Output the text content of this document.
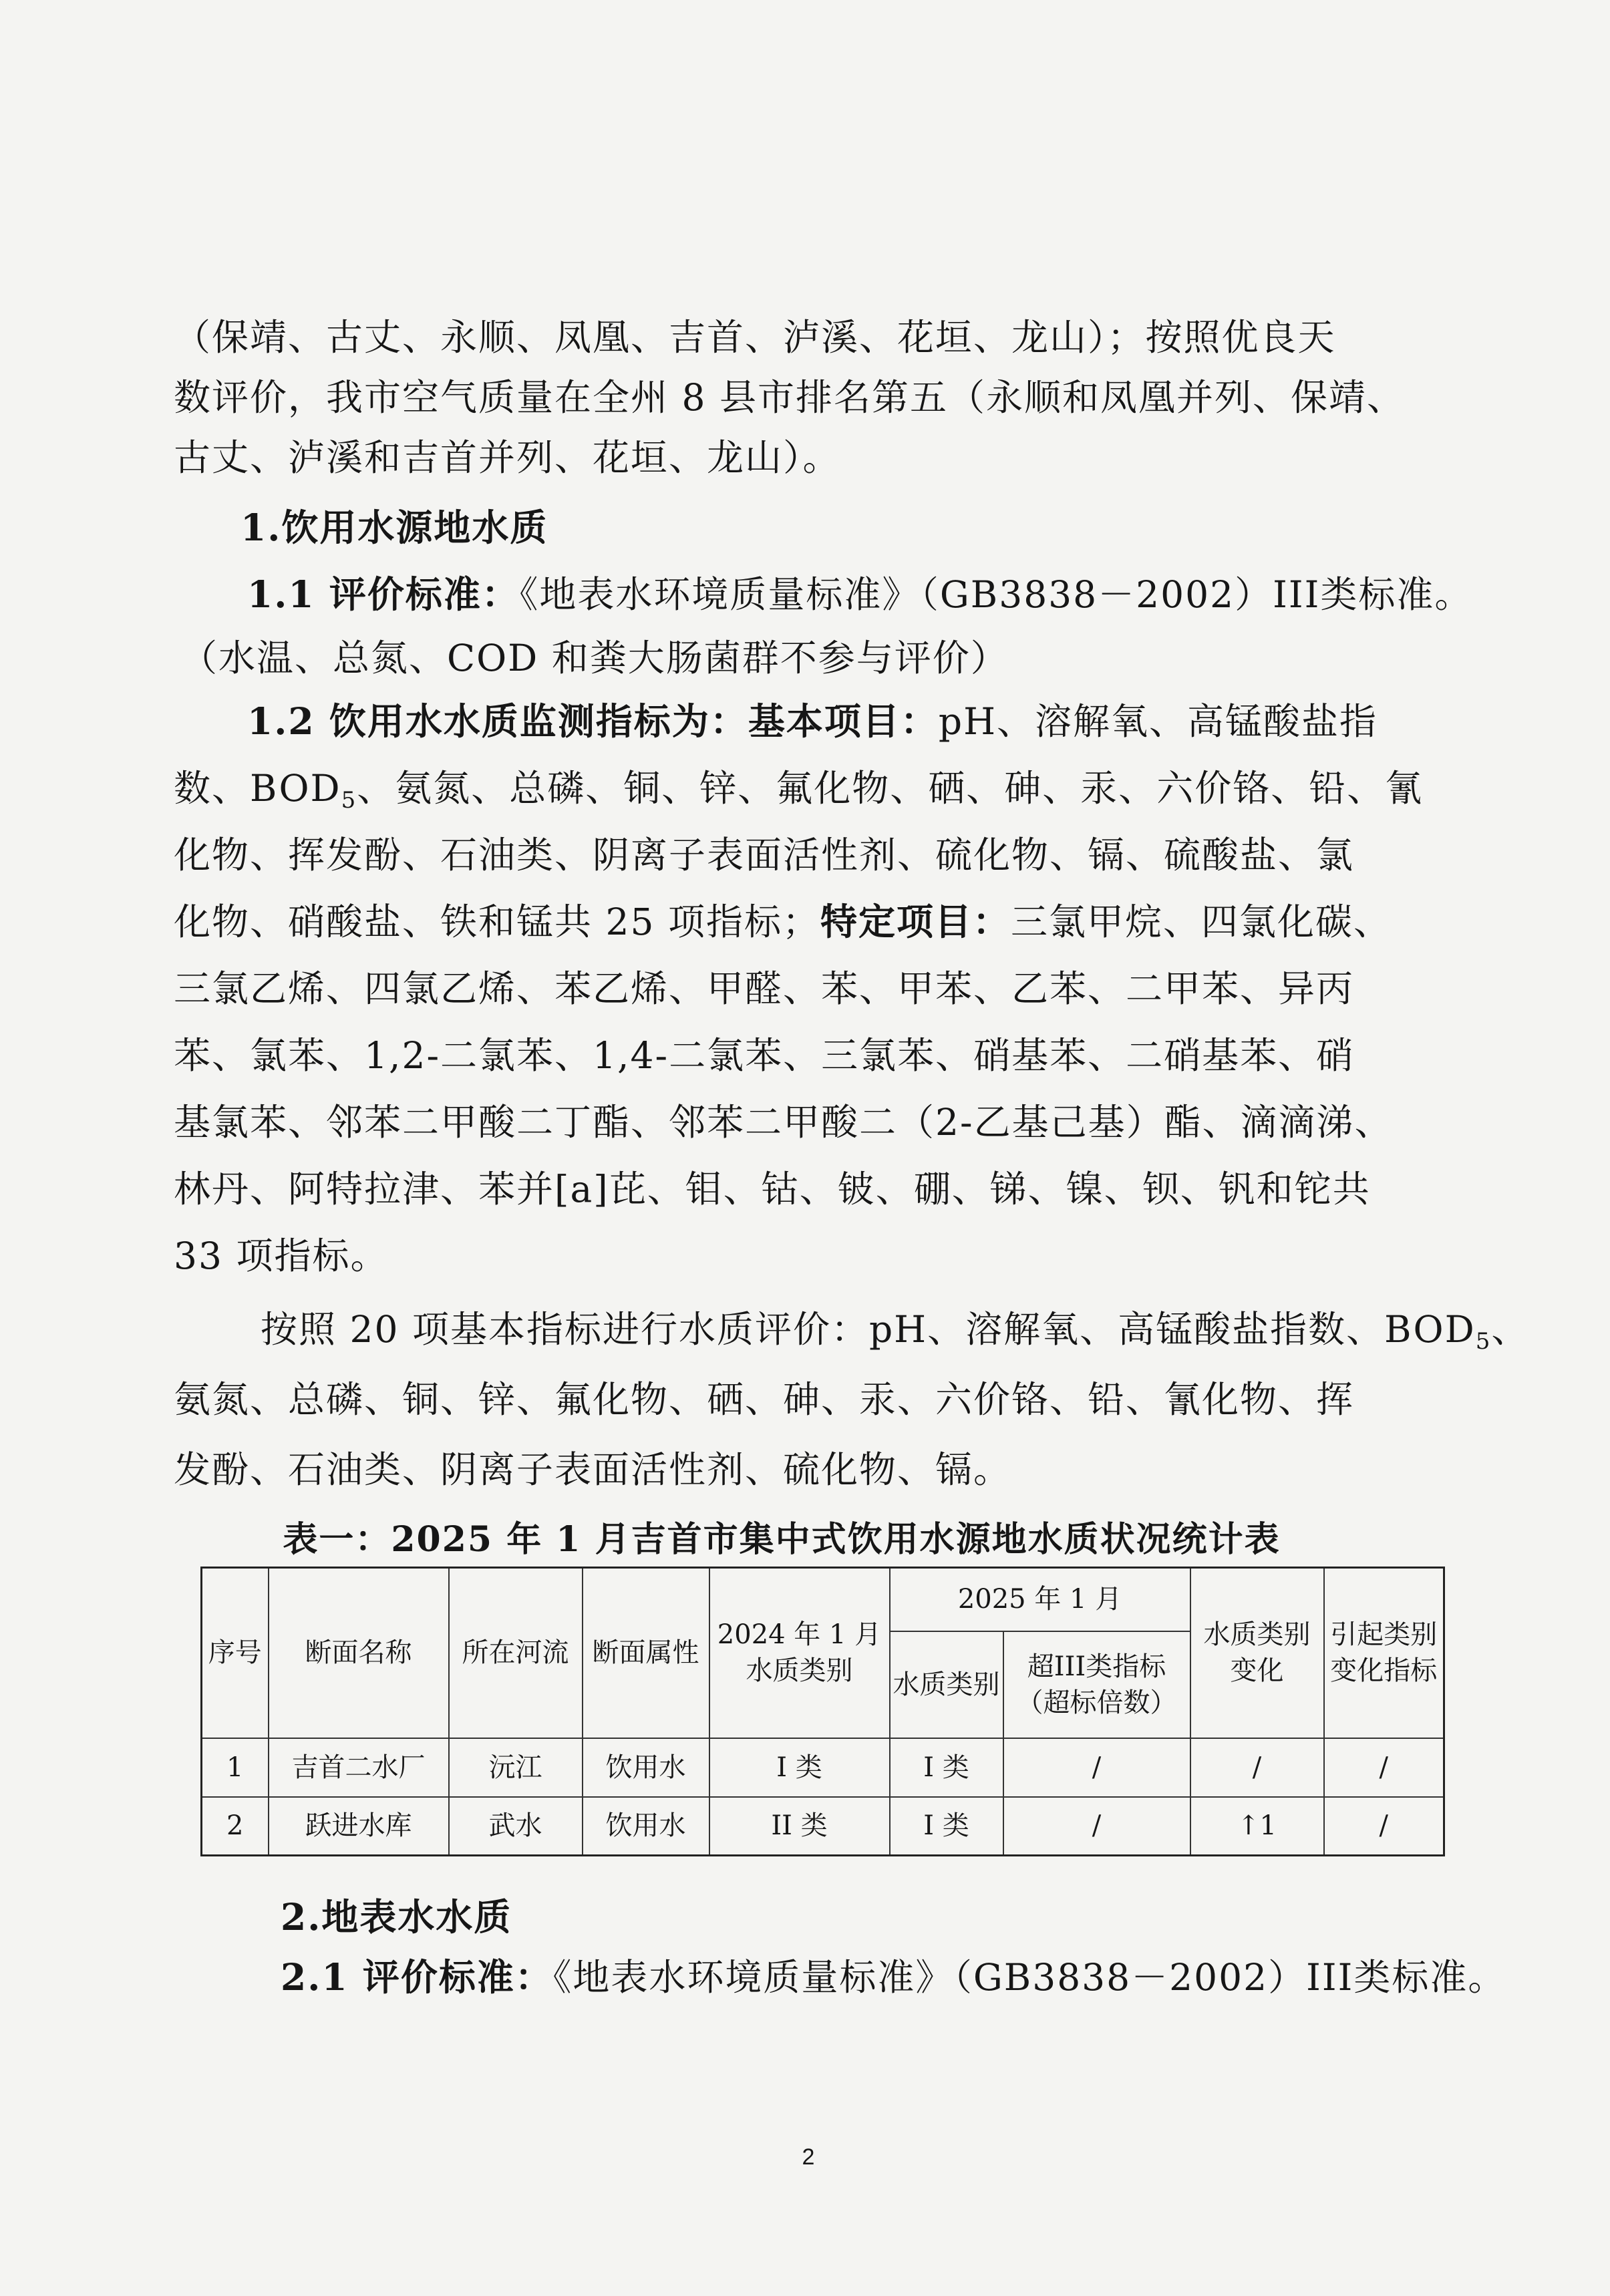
（保靖、古丈、永顺、凤凰、吉首、泸溪、花垣、龙山）；按照优良天
数评价，我市空气质量在全州 8 县市排名第五（永顺和凤凰并列、保靖、
古丈、泸溪和吉首并列、花垣、龙山）。
1.饮用水源地水质
1.1 评价标准：《地表水环境质量标准》（GB3838－2002）III类标准。
（水温、总氮、COD 和粪大肠菌群不参与评价）
1.2 饮用水水质监测指标为：基本项目：pH、溶解氧、高锰酸盐指
数、$BOD_5$、氨氮、总磷、铜、锌、氟化物、硒、砷、汞、六价铬、铅、氰
化物、挥发酚、石油类、阴离子表面活性剂、硫化物、镉、硫酸盐、氯
化物、硝酸盐、铁和锰共 25 项指标；特定项目：三氯甲烷、四氯化碳、
三氯乙烯、四氯乙烯、苯乙烯、甲醛、苯、甲苯、乙苯、二甲苯、异丙
苯、氯苯、1,2-二氯苯、1,4-二氯苯、三氯苯、硝基苯、二硝基苯、硝
基氯苯、邻苯二甲酸二丁酯、邻苯二甲酸二（2-乙基己基）酯、滴滴涕、
林丹、阿特拉津、苯并[a]芘、钼、钴、铍、硼、锑、镍、钡、钒和铊共
33 项指标。
按照 20 项基本指标进行水质评价：pH、溶解氧、高锰酸盐指数、$BOD_5$、
氨氮、总磷、铜、锌、氟化物、硒、砷、汞、六价铬、铅、氰化物、挥
发酚、石油类、阴离子表面活性剂、硫化物、镉。
表一：2025 年 1 月吉首市集中式饮用水源地水质状况统计表
序号	断面名称	所在河流	断面属性	2024 年 1 月水质类别	2025 年 1 月		水质类别变化	引起类别变化指标
					水质类别	超III类指标（超标倍数）		
1	吉首二水厂	沅江	饮用水	I 类	I 类	/	/	/
2	跃进水库	武水	饮用水	II 类	I 类	/	↑1	/
2.地表水水质
2.1 评价标准：《地表水环境质量标准》（GB3838－2002）III类标准。
2
